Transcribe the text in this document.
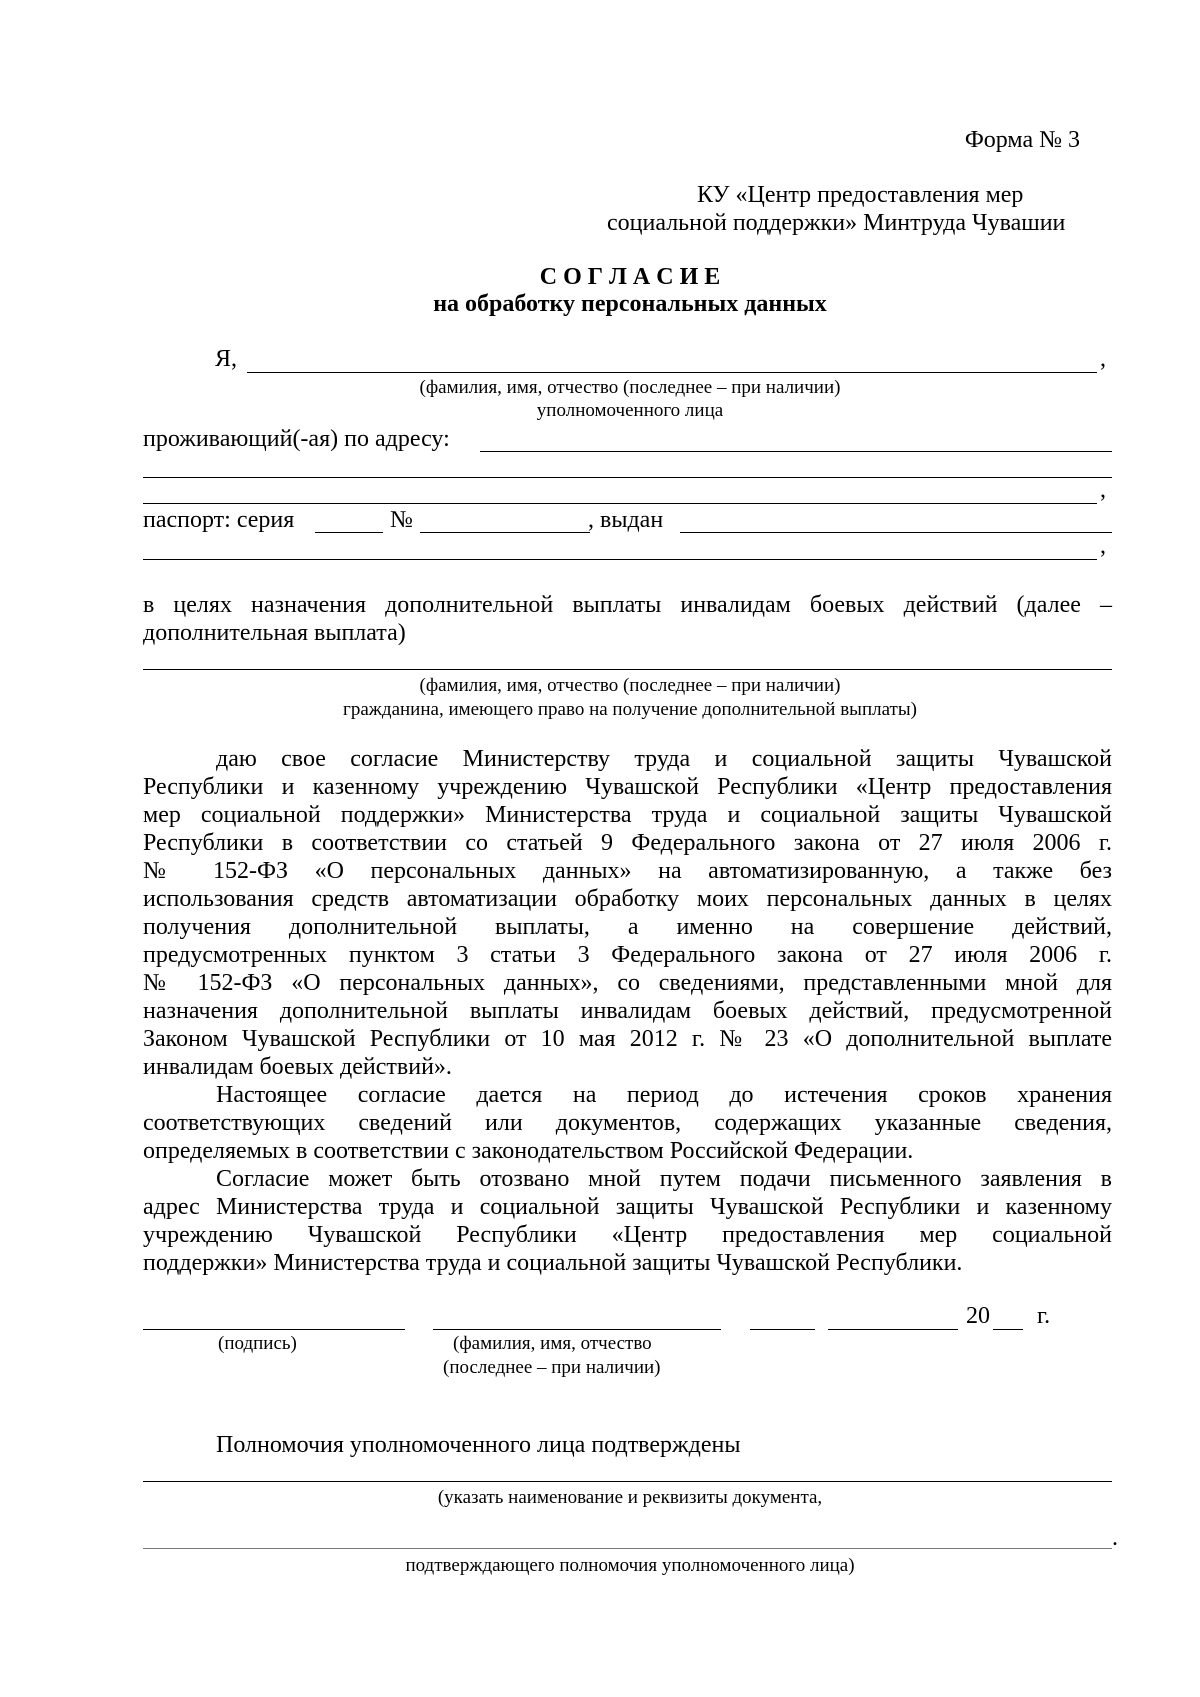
Форма № 3
КУ «Центр предоставления мер
социальной поддержки» Минтруда Чувашии
С О Г Л А С И Е
на обработку персональных данных
Я,	,
(фамилия, имя, отчество (последнее – при наличии)
уполномоченного лица
проживающий(-ая) по адресу:
,
паспорт: серия	№	, выдан
,
в целях назначения дополнительной выплаты инвалидам боевых действий (далее –
дополнительная выплата)
(фамилия, имя, отчество (последнее – при наличии)
гражданина, имеющего право на получение дополнительной выплаты)
даю свое согласие Министерству труда и социальной защиты Чувашской
Республики и казенному учреждению Чувашской Республики «Центр предоставления
мер социальной поддержки» Министерства труда и социальной защиты Чувашской
Республики в соответствии со статьей 9 Федерального закона от 27 июля 2006 г.
№ 152-ФЗ «О персональных данных» на автоматизированную, а также без
использования средств автоматизации обработку моих персональных данных в целях
получения дополнительной выплаты, а именно на совершение действий,
предусмотренных пунктом 3 статьи 3 Федерального закона от 27 июля 2006 г.
№ 152-ФЗ «О персональных данных», со сведениями, представленными мной для
назначения дополнительной выплаты инвалидам боевых действий, предусмотренной
Законом Чувашской Республики от 10 мая 2012 г. № 23 «О дополнительной выплате
инвалидам боевых действий».
Настоящее согласие дается на период до истечения сроков хранения
соответствующих сведений или документов, содержащих указанные сведения,
определяемых в соответствии с законодательством Российской Федерации.
Согласие может быть отозвано мной путем подачи письменного заявления в
адрес Министерства труда и социальной защиты Чувашской Республики и казенному
учреждению Чувашской Республики «Центр предоставления мер социальной
поддержки» Министерства труда и социальной защиты Чувашской Республики.
20 г.
(подпись)	(фамилия, имя, отчество
(последнее – при наличии)
Полномочия уполномоченного лица подтверждены
(указать наименование и реквизиты документа,
.
подтверждающего полномочия уполномоченного лица)
